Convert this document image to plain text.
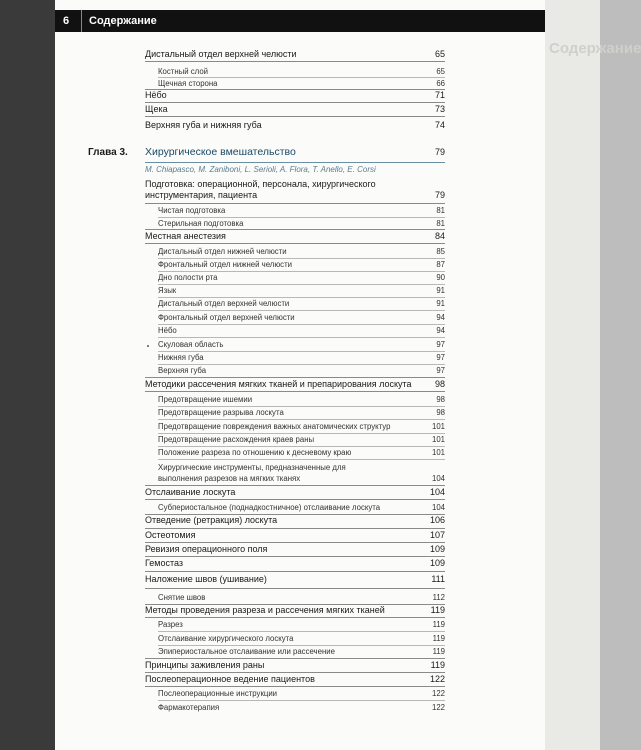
Содержание
6 Содержание
Дистальный отдел верхней челюсти	65
Костный слой	65
Щечная сторона	66
Нёбо	71
Щека	73
Верхняя губа и нижняя губа	74
Глава 3. Хирургическое вмешательство	79
M. Chiapasco, M. Zaniboni, L. Serioli, A. Flora, T. Anello, E. Corsi
Подготовка: операционной, персонала, хирургического инструментария, пациента	79
Чистая подготовка	81
Стерильная подготовка	81
Местная анестезия	84
Дистальный отдел нижней челюсти	85
Фронтальный отдел нижней челюсти	87
Дно полости рта	90
Язык	91
Дистальный отдел верхней челюсти	91
Фронтальный отдел верхней челюсти	94
Нёбо	94
Скуловая область	97
Нижняя губа	97
Верхняя губа	97
Методики рассечения мягких тканей и препарирования лоскута	98
Предотвращение ишемии	98
Предотвращение разрыва лоскута	98
Предотвращение повреждения важных анатомических структур	101
Предотвращение расхождения краев раны	101
Положение разреза по отношению к десневому краю	101
Хирургические инструменты, предназначенные для выполнения разрезов на мягких тканях	104
Отслаивание лоскута	104
Субпериостальное (поднадкостничное) отслаивание лоскута	104
Отведение (ретракция) лоскута	106
Остеотомия	107
Ревизия операционного поля	109
Гемостаз	109
Наложение швов (ушивание)	111
Снятие швов	112
Методы проведения разреза и рассечения мягких тканей	119
Разрез	119
Отслаивание хирургического лоскута	119
Эпипериостальное отслаивание или рассечение	119
Принципы заживления раны	119
Послеоперационное ведение пациентов	122
Послеоперационные инструкции	122
Фармакотерапия	122
